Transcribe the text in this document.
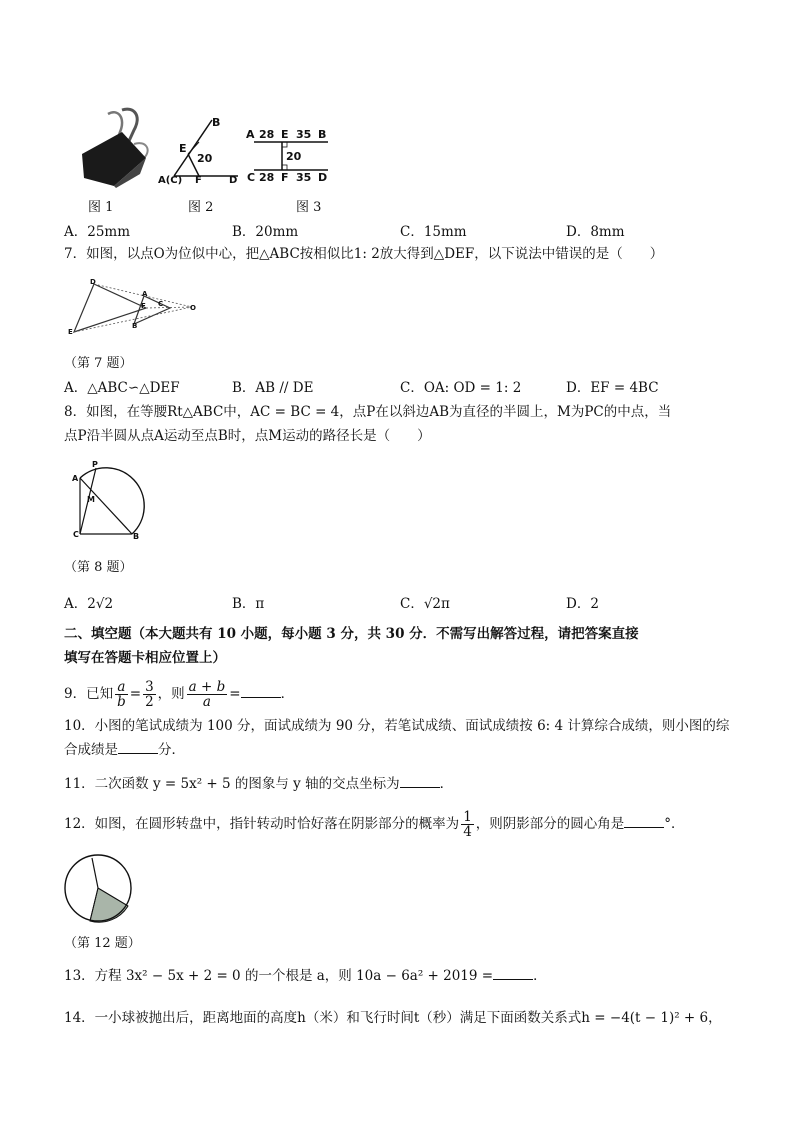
B
E
20
A(C) F	D
A 28 E 35 B
20
C 28 F 35 D
图 1	图 2	图 3
A．25mm	B．20mm	C．15mm	D．8mm
7．如图，以点O为位似中心，把△ABC按相似比1: 2放大得到△DEF，以下说法中错误的是（　　）
D
A
F C	O
B
E
（第 7 题）
A．△ABC∽△DEF	B．AB // DE	C．OA: OD = 1: 2	D．EF = 4BC
8．如图，在等腰Rt△ABC中，AC = BC = 4，点P在以斜边AB为直径的半圆上，M为PC的中点，当
点P沿半圆从点A运动至点B时，点M运动的路径长是（　　）
P
A
M
C	B
（第 8 题）
A．2√2	B．π	C．√2π	D．2
二、填空题（本大题共有 10 小题，每小题 3 分，共 30 分．不需写出解答过程，请把答案直接
填写在答题卡相应位置上）
9．已知 $\frac{a}{b} = \frac{3}{2}$ ，则 $\frac{a + b}{a}$ =	．
10．小图的笔试成绩为 100 分，面试成绩为 90 分，若笔试成绩、面试成绩按 6: 4 计算综合成绩，则小图的综
合成绩是	分．
11．二次函数 y = 5x² + 5 的图象与 y 轴的交点坐标为	．
12．如图，在圆形转盘中，指针转动时恰好落在阴影部分的概率为 $\frac{1}{4}$ ，则阴影部分的圆心角是	°．
（第 12 题）
13．方程 3x² − 5x + 2 = 0 的一个根是 a，则 10a − 6a² + 2019 =	．
14．一小球被抛出后，距离地面的高度h（米）和飞行时间t（秒）满足下面函数关系式h = −4(t − 1)² + 6，
